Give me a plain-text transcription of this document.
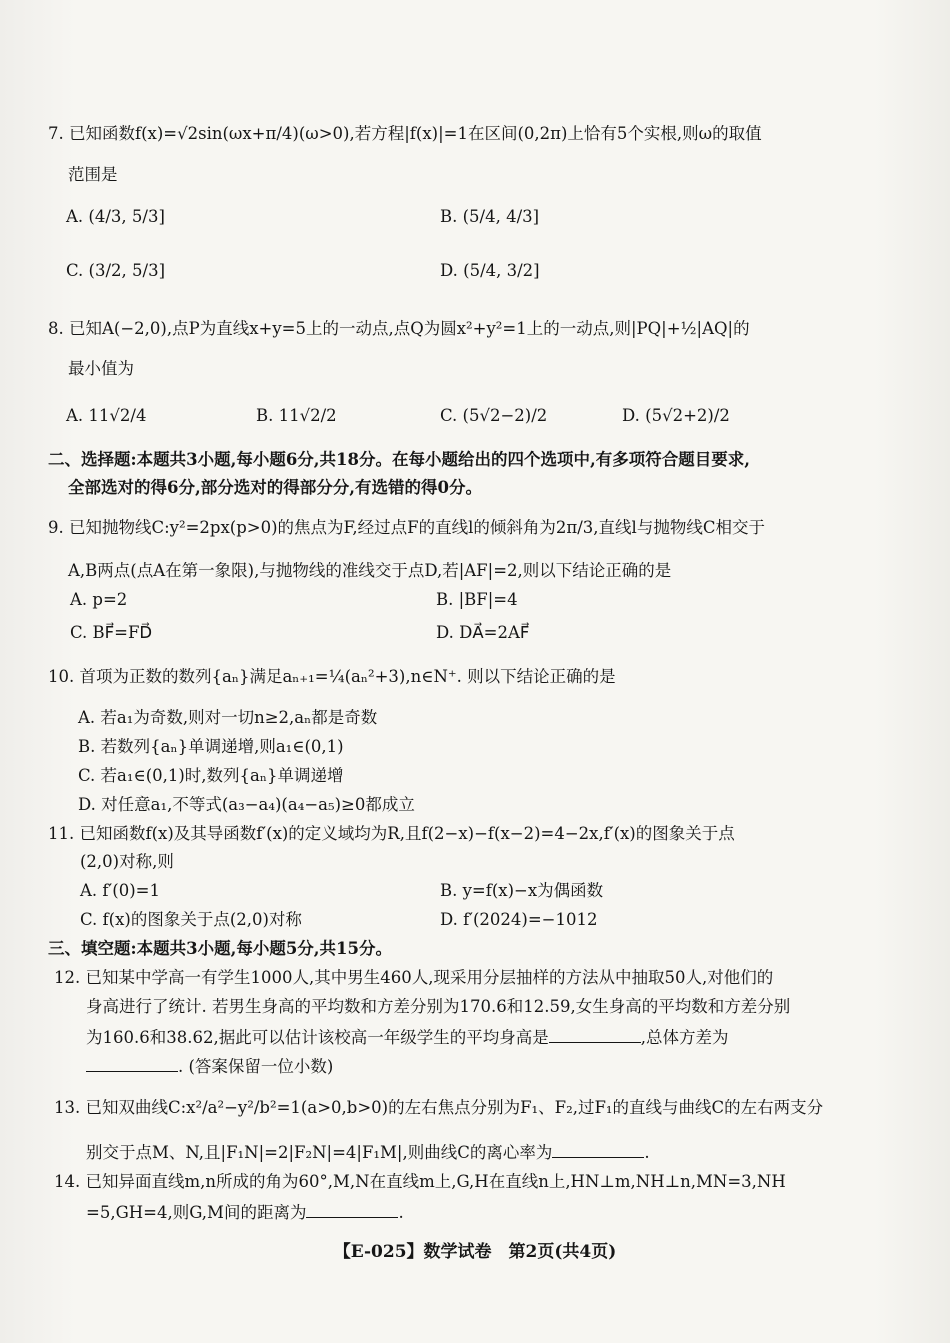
7. 已知函数f(x)=√2sin(ωx+π/4)(ω>0),若方程|f(x)|=1在区间(0,2π)上恰有5个实根,则ω的取值
范围是
A. (4/3, 5/3]	B. (5/4, 4/3]
C. (3/2, 5/3]	D. (5/4, 3/2]
8. 已知A(−2,0),点P为直线x+y=5上的一动点,点Q为圆x²+y²=1上的一动点,则|PQ|+½|AQ|的
最小值为
A. 11√2/4	B. 11√2/2	C. (5√2−2)/2	D. (5√2+2)/2
二、选择题:本题共3小题,每小题6分,共18分。在每小题给出的四个选项中,有多项符合题目要求,
全部选对的得6分,部分选对的得部分分,有选错的得0分。
9. 已知抛物线C:y²=2px(p>0)的焦点为F,经过点F的直线l的倾斜角为2π/3,直线l与抛物线C相交于
A,B两点(点A在第一象限),与抛物线的准线交于点D,若|AF|=2,则以下结论正确的是
A. p=2	B. |BF|=4
C. BF⃗=FD⃗	D. DA⃗=2AF⃗
10. 首项为正数的数列{aₙ}满足aₙ₊₁=¼(aₙ²+3),n∈N⁺. 则以下结论正确的是
A. 若a₁为奇数,则对一切n≥2,aₙ都是奇数
B. 若数列{aₙ}单调递增,则a₁∈(0,1)
C. 若a₁∈(0,1)时,数列{aₙ}单调递增
D. 对任意a₁,不等式(a₃−a₄)(a₄−a₅)≥0都成立
11. 已知函数f(x)及其导函数f′(x)的定义域均为R,且f(2−x)−f(x−2)=4−2x,f′(x)的图象关于点
(2,0)对称,则
A. f′(0)=1	B. y=f(x)−x为偶函数
C. f(x)的图象关于点(2,0)对称	D. f′(2024)=−1012
三、填空题:本题共3小题,每小题5分,共15分。
12. 已知某中学高一有学生1000人,其中男生460人,现采用分层抽样的方法从中抽取50人,对他们的
身高进行了统计. 若男生身高的平均数和方差分别为170.6和12.59,女生身高的平均数和方差分别
为160.6和38.62,据此可以估计该校高一年级学生的平均身高是	,总体方差为
. (答案保留一位小数)
13. 已知双曲线C:x²/a²−y²/b²=1(a>0,b>0)的左右焦点分别为F₁、F₂,过F₁的直线与曲线C的左右两支分
别交于点M、N,且|F₁N|=2|F₂N|=4|F₁M|,则曲线C的离心率为	.
14. 已知异面直线m,n所成的角为60°,M,N在直线m上,G,H在直线n上,HN⊥m,NH⊥n,MN=3,NH
=5,GH=4,则G,M间的距离为	.
【E-025】数学试卷　第2页(共4页)
